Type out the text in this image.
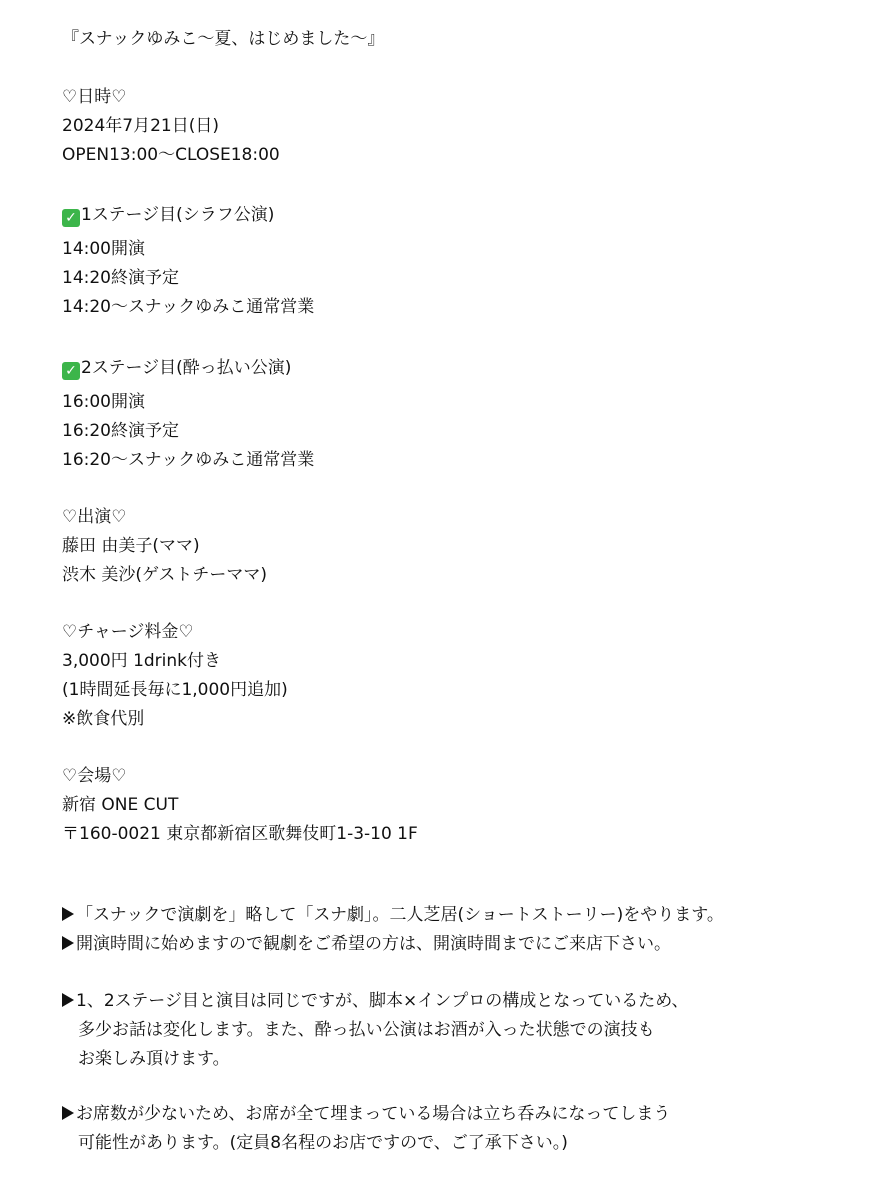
『スナックゆみこ〜夏、はじめました〜』
♡日時♡
2024年7月21日(日)
OPEN13:00〜CLOSE18:00
✓ 1ステージ目(シラフ公演)
14:00開演
14:20終演予定
14:20〜スナックゆみこ通常営業
✓ 2ステージ目(酔っ払い公演)
16:00開演
16:20終演予定
16:20〜スナックゆみこ通常営業
♡出演♡
藤田 由美子(ママ)
渋木 美沙(ゲストチーママ)
♡チャージ料金♡
3,000円 1drink付き
(1時間延長毎に1,000円追加)
※飲食代別
♡会場♡
新宿 ONE CUT
〒160-0021 東京都新宿区歌舞伎町1-3-10 1F
「スナックで演劇を」略して「スナ劇」。二人芝居(ショートストーリー)をやります。
開演時間に始めますので観劇をご希望の方は、開演時間までにご来店下さい。
1、2ステージ目と演目は同じですが、脚本×インプロの構成となっているため、
多少お話は変化します。また、酔っ払い公演はお酒が入った状態での演技も
お楽しみ頂けます。
お席数が少ないため、お席が全て埋まっている場合は立ち呑みになってしまう
可能性があります。(定員8名程のお店ですので、ご了承下さい。)
